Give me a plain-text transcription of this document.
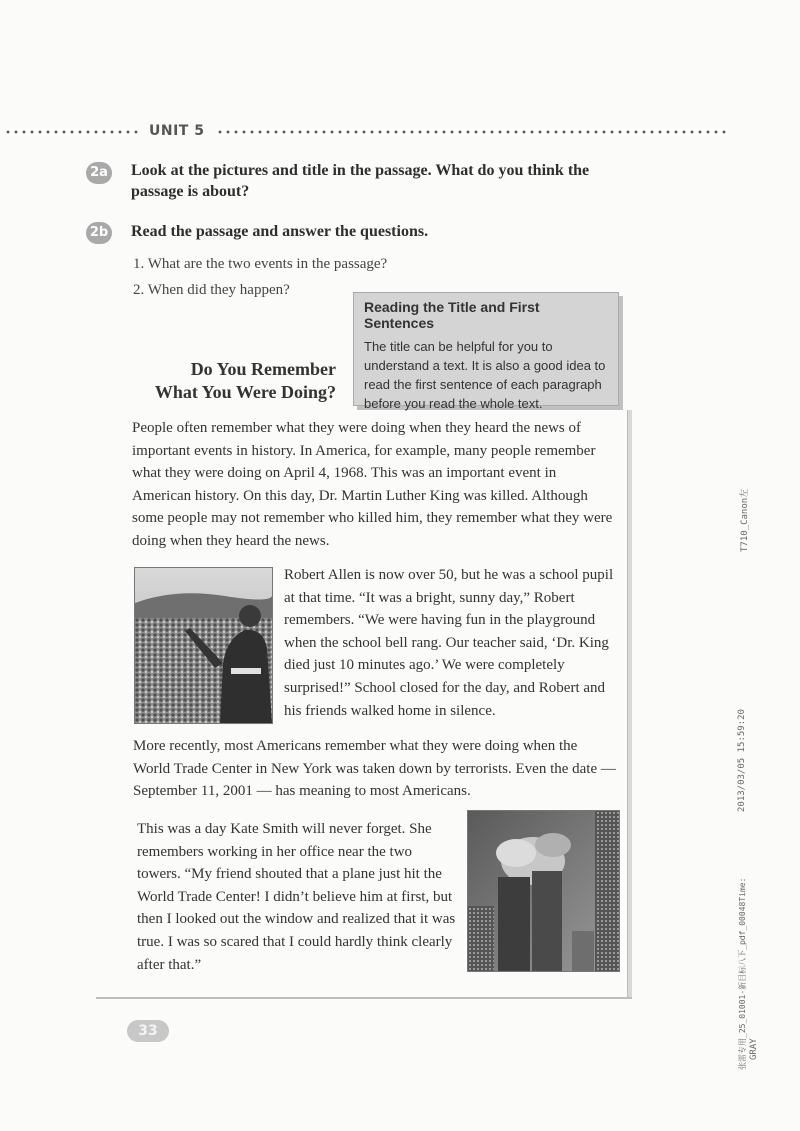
UNIT 5
2a Look at the pictures and title in the passage. What do you think the passage is about?
2b Read the passage and answer the questions.
1. What are the two events in the passage?
2. When did they happen?
Reading the Title and First Sentences
The title can be helpful for you to understand a text. It is also a good idea to read the first sentence of each paragraph before you read the whole text.
Do You Remember
What You Were Doing?
People often remember what they were doing when they heard the news of important events in history. In America, for example, many people remember what they were doing on April 4, 1968. This was an important event in American history. On this day, Dr. Martin Luther King was killed. Although some people may not remember who killed him, they remember what they were doing when they heard the news.
Robert Allen is now over 50, but he was a school pupil at that time. “It was a bright, sunny day,” Robert remembers. “We were having fun in the playground when the school bell rang. Our teacher said, ‘Dr. King died just 10 minutes ago.’ We were completely surprised!” School closed for the day, and Robert and his friends walked home in silence.
More recently, most Americans remember what they were doing when the World Trade Center in New York was taken down by terrorists. Even the date — September 11, 2001 — has meaning to most Americans.
This was a day Kate Smith will never forget. She remembers working in her office near the two towers. “My friend shouted that a plane just hit the World Trade Center! I didn’t believe him at first, but then I looked out the window and realized that it was true. I was so scared that I could hardly think clearly after that.”
33
T710_Canon左
2013/03/05 15:59:20
张雷专用_25_01001-新目标八下_pdf_00048Time: GRAY
